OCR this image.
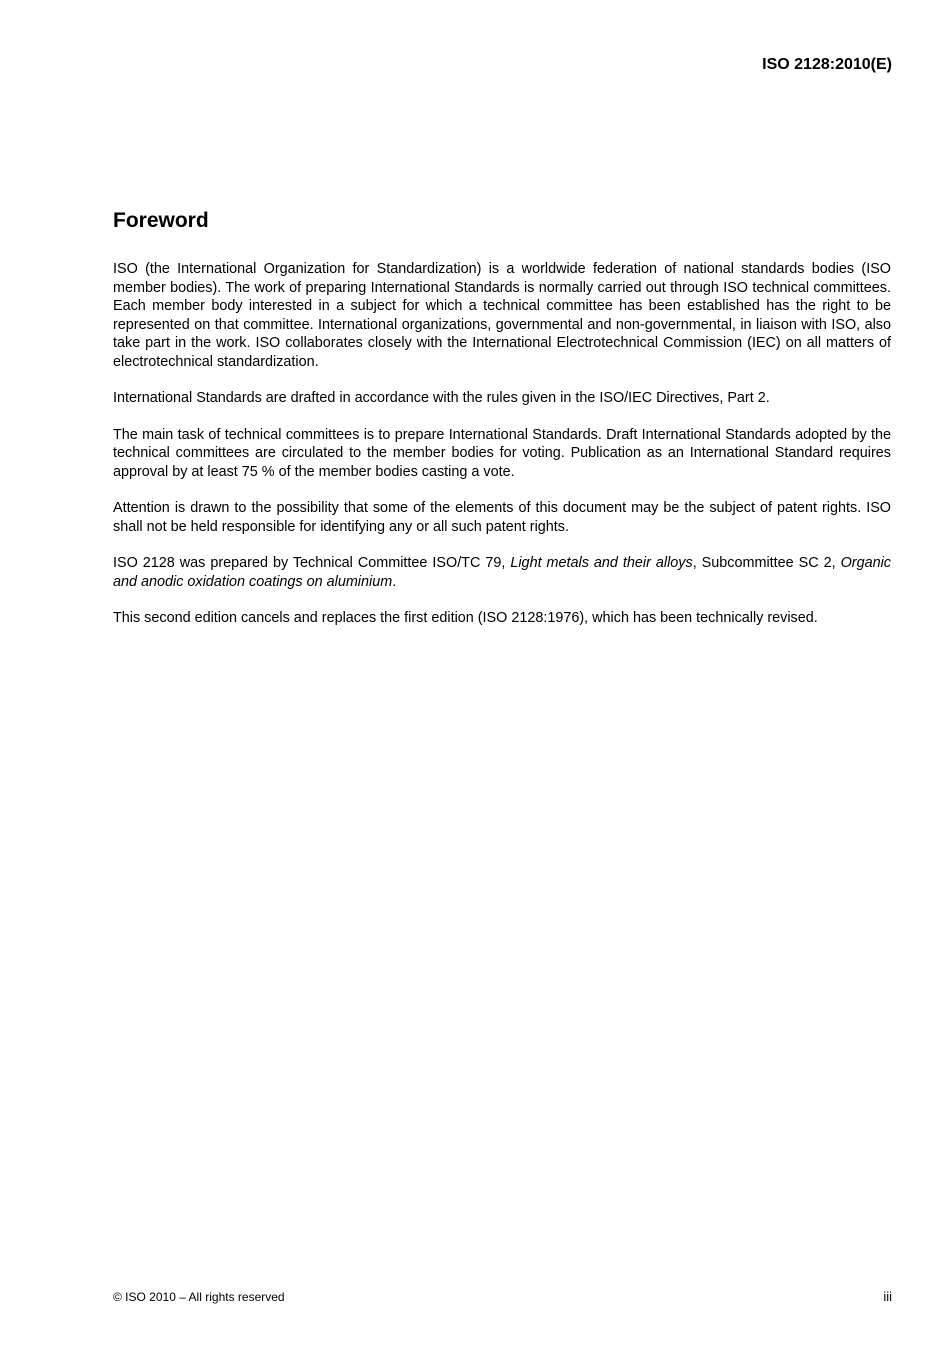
ISO 2128:2010(E)
Foreword

ISO (the International Organization for Standardization) is a worldwide federation of national standards bodies (ISO member bodies). The work of preparing International Standards is normally carried out through ISO technical committees. Each member body interested in a subject for which a technical committee has been established has the right to be represented on that committee. International organizations, governmental and non-governmental, in liaison with ISO, also take part in the work. ISO collaborates closely with the International Electrotechnical Commission (IEC) on all matters of electrotechnical standardization.

International Standards are drafted in accordance with the rules given in the ISO/IEC Directives, Part 2.

The main task of technical committees is to prepare International Standards. Draft International Standards adopted by the technical committees are circulated to the member bodies for voting. Publication as an International Standard requires approval by at least 75 % of the member bodies casting a vote.

Attention is drawn to the possibility that some of the elements of this document may be the subject of patent rights. ISO shall not be held responsible for identifying any or all such patent rights.

ISO 2128 was prepared by Technical Committee ISO/TC 79, Light metals and their alloys, Subcommittee SC 2, Organic and anodic oxidation coatings on aluminium.

This second edition cancels and replaces the first edition (ISO 2128:1976), which has been technically revised.

© ISO 2010 – All rights reserved	iii
